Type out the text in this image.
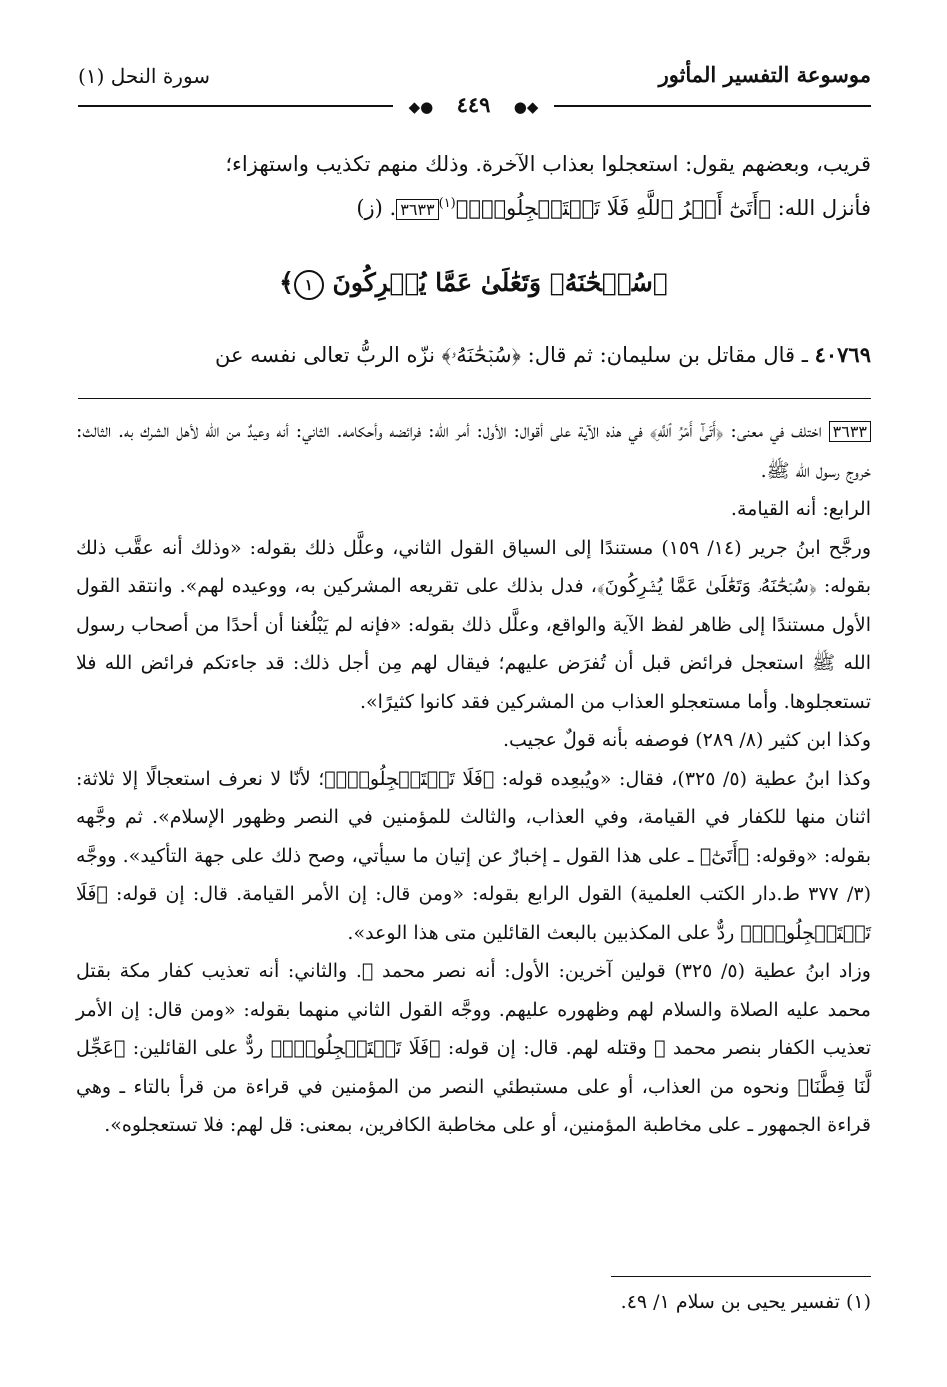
موسوعة التفسير المأثور
سورة النحل (١)
◆● ٤٤٩ ●◆
قريب، وبعضهم يقول: استعجلوا بعذاب الآخرة. وذلك منهم تكذيب واستهزاء؛
فأنزل الله: ﴿أَتَىٰٓ أَمۡرُ ٱللَّهِ فَلَا تَسۡتَعۡجِلُوهُۚ﴾$^{(١)}$٣٦٣٣. (ز)
﴿سُبۡحَٰنَهُۥ وَتَعَٰلَىٰ عَمَّا يُشۡرِكُونَ ١﴾
٤٠٧٦٩ ـ قال مقاتل بن سليمان: ثم قال: ﴿سُبۡحَٰنَهُۥ﴾ نزّه الربُّ تعالى نفسه عن

٣٦٣٣ اختلف في معنى: ﴿أَتَىٰٓ أَمۡرُ ٱللَّهِ﴾ في هذه الآية على أقوال: الأول: أمر الله: فرائضه وأحكامه. الثاني: أنه وعيدٌ من الله لأهل الشرك به. الثالث: خروج رسول الله ﷺ.

الرابع: أنه القيامة.

ورجَّح ابنُ جرير (١٤/ ١٥٩) مستندًا إلى السياق القول الثاني، وعلَّل ذلك بقوله: «وذلك أنه عقَّب ذلك بقوله: ﴿سُبۡحَٰنَهُۥ وَتَعَٰلَىٰ عَمَّا يُشۡرِكُونَ﴾، فدل بذلك على تقريعه المشركين به، ووعيده لهم». وانتقد القول الأول مستندًا إلى ظاهر لفظ الآية والواقع، وعلَّل ذلك بقوله: «فإنه لم يَبْلُغنا أن أحدًا من أصحاب رسول الله ﷺ استعجل فرائض قبل أن تُفرَض عليهم؛ فيقال لهم مِن أجل ذلك: قد جاءتكم فرائض الله فلا تستعجلوها. وأما مستعجلو العذاب من المشركين فقد كانوا كثيرًا».

وكذا ابن كثير (٨/ ٢٨٩) فوصفه بأنه قولٌ عجيب.

وكذا ابنُ عطية (٥/ ٣٢٥)، فقال: «ويُبعِده قوله: ﴿فَلَا تَسۡتَعۡجِلُوهُۚ﴾؛ لأنّا لا نعرف استعجالًا إلا ثلاثة: اثنان منها للكفار في القيامة، وفي العذاب، والثالث للمؤمنين في النصر وظهور الإسلام». ثم وجَّهه بقوله: «وقوله: ﴿أَتَىٰٓ﴾ ـ على هذا القول ـ إخبارٌ عن إتيان ما سيأتي، وصح ذلك على جهة التأكيد». ووجَّه (٣/ ٣٧٧ ط.دار الكتب العلمية) القول الرابع بقوله: «ومن قال: إن الأمر القيامة. قال: إن قوله: ﴿فَلَا تَسۡتَعۡجِلُوهُۚ﴾ ردٌّ على المكذبين بالبعث القائلين متى هذا الوعد».

وزاد ابنُ عطية (٥/ ٣٢٥) قولين آخرين: الأول: أنه نصر محمد ﷺ. والثاني: أنه تعذيب كفار مكة بقتل محمد عليه الصلاة والسلام لهم وظهوره عليهم. ووجَّه القول الثاني منهما بقوله: «ومن قال: إن الأمر تعذيب الكفار بنصر محمد ﷺ وقتله لهم. قال: إن قوله: ﴿فَلَا تَسۡتَعۡجِلُوهُۚ﴾ ردٌّ على القائلين: ﴿عَجِّل لَّنَا قِطَّنَا﴾ ونحوه من العذاب، أو على مستبطئي النصر من المؤمنين في قراءة من قرأ بالتاء ـ وهي قراءة الجمهور ـ على مخاطبة المؤمنين، أو على مخاطبة الكافرين، بمعنى: قل لهم: فلا تستعجلوه».

(١) تفسير يحيى بن سلام ١/ ٤٩.
